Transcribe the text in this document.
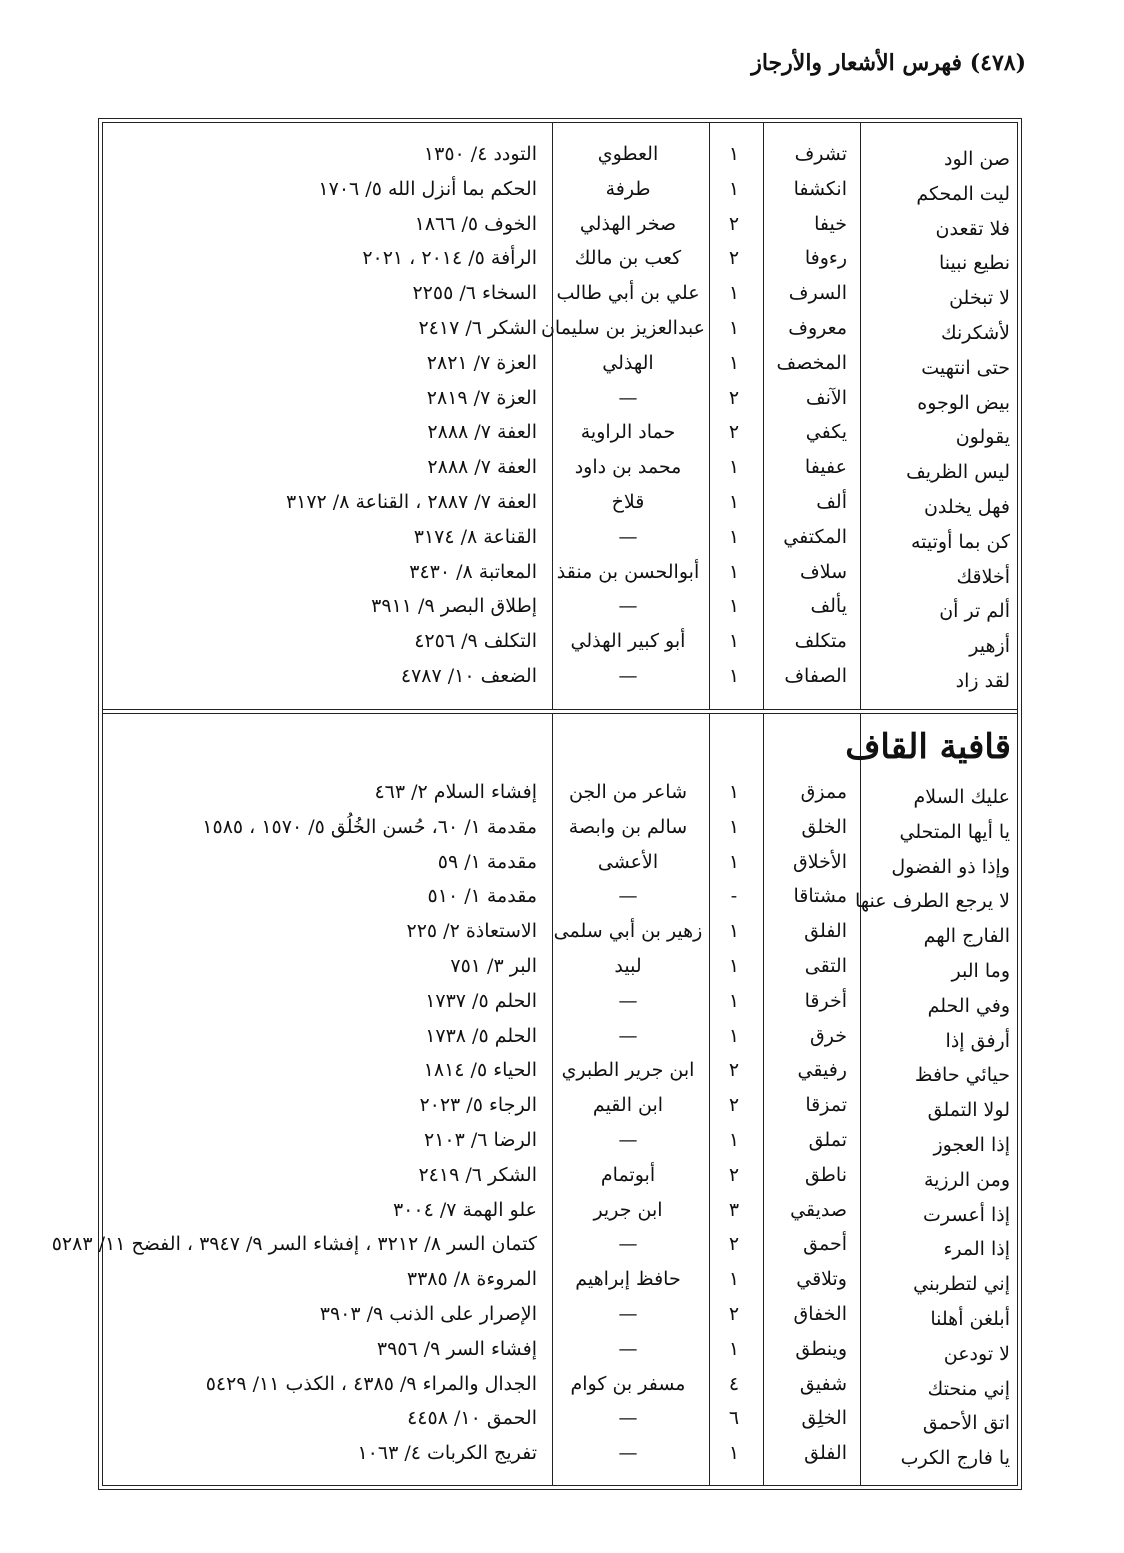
(٤٧٨) فهرس الأشعار والأرجاز
صن الود
تشرف
١
العطوي
التودد ٤/ ١٣٥٠
ليت المحكم
انكشفا
١
طرفة
الحكم بما أنزل الله ٥/ ١٧٠٦
فلا تقعدن
خيفا
٢
صخر الهذلي
الخوف ٥/ ١٨٦٦
نطيع نبينا
رءوفا
٢
كعب بن مالك
الرأفة ٥/ ٢٠١٤ ، ٢٠٢١
لا تبخلن
السرف
١
علي بن أبي طالب
السخاء ٦/ ٢٢٥٥
لأشكرنك
معروف
١
عبدالعزيز بن سليمان
الشكر ٦/ ٢٤١٧
حتى انتهيت
المخصف
١
الهذلي
العزة ٧/ ٢٨٢١
بيض الوجوه
الآنف
٢
—
العزة ٧/ ٢٨١٩
يقولون
يكفي
٢
حماد الراوية
العفة ٧/ ٢٨٨٨
ليس الظريف
عفيفا
١
محمد بن داود
العفة ٧/ ٢٨٨٨
فهل يخلدن
ألف
١
قلاخ
العفة ٧/ ٢٨٨٧ ، القناعة ٨/ ٣١٧٢
كن بما أوتيته
المكتفي
١
—
القناعة ٨/ ٣١٧٤
أخلاقك
سلاف
١
أبوالحسن بن منقذ
المعاتبة ٨/ ٣٤٣٠
ألم تر أن
يألف
١
—
إطلاق البصر ٩/ ٣٩١١
أزهير
متكلف
١
أبو كبير الهذلي
التكلف ٩/ ٤٢٥٦
لقد زاد
الصفاف
١
—
الضعف ١٠/ ٤٧٨٧
قافية القاف
عليك السلام
ممزق
١
شاعر من الجن
إفشاء السلام ٢/ ٤٦٣
يا أيها المتحلي
الخلق
١
سالم بن وابصة
مقدمة ١/ ٦٠، حُسن الخُلُق ٥/ ١٥٧٠ ، ١٥٨٥
وإذا ذو الفضول
الأخلاق
١
الأعشى
مقدمة ١/ ٥٩
لا يرجع الطرف عنها
مشتاقا
-
—
مقدمة ١/ ٥١٠
الفارج الهم
الفلق
١
زهير بن أبي سلمى
الاستعاذة ٢/ ٢٢٥
وما البر
التقى
١
لبيد
البر ٣/ ٧٥١
وفي الحلم
أخرقا
١
—
الحلم ٥/ ١٧٣٧
أرفق إذا
خرق
١
—
الحلم ٥/ ١٧٣٨
حيائي حافظ
رفيقي
٢
ابن جرير الطبري
الحياء ٥/ ١٨١٤
لولا التملق
تمزقا
٢
ابن القيم
الرجاء ٥/ ٢٠٢٣
إذا العجوز
تملق
١
—
الرضا ٦/ ٢١٠٣
ومن الرزية
ناطق
٢
أبوتمام
الشكر ٦/ ٢٤١٩
إذا أعسرت
صديقي
٣
ابن جرير
علو الهمة ٧/ ٣٠٠٤
إذا المرء
أحمق
٢
—
كتمان السر ٨/ ٣٢١٢ ، إفشاء السر ٩/ ٣٩٤٧ ، الفضح ١١/ ٥٢٨٣
إني لتطربني
وتلاقي
١
حافظ إبراهيم
المروءة ٨/ ٣٣٨٥
أبلغن أهلنا
الخفاق
٢
—
الإصرار على الذنب ٩/ ٣٩٠٣
لا تودعن
وينطق
١
—
إفشاء السر ٩/ ٣٩٥٦
إني منحتك
شفيق
٤
مسفر بن كوام
الجدال والمراء ٩/ ٤٣٨٥ ، الكذب ١١/ ٥٤٢٩
اتق الأحمق
الخلِق
٦
—
الحمق ١٠/ ٤٤٥٨
يا فارج الكرب
الفلق
١
—
تفريج الكربات ٤/ ١٠٦٣
